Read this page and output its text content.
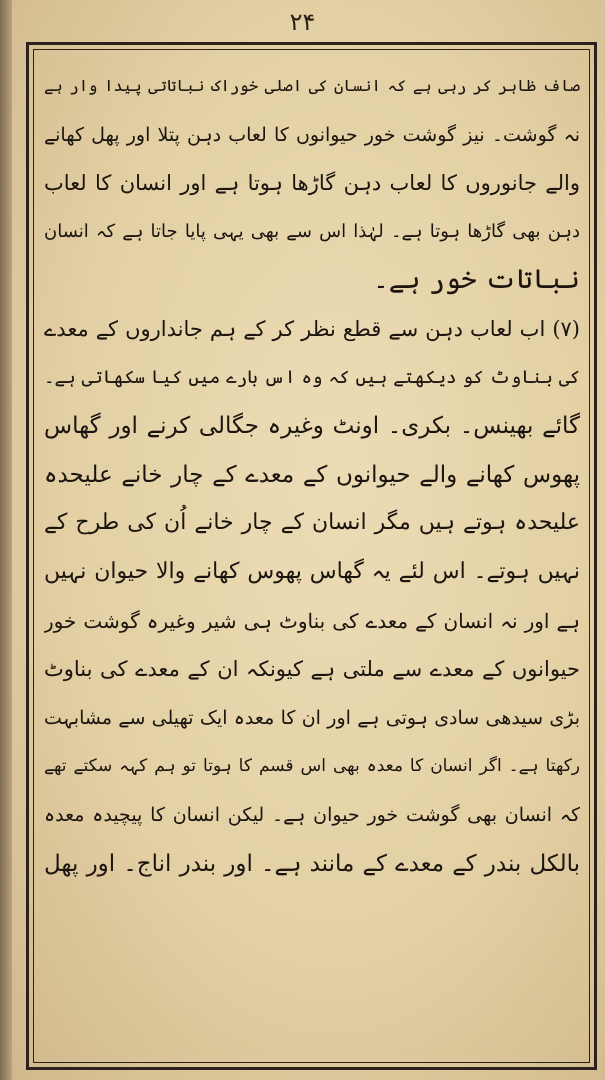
۲۴
صاف ظاہر کر رہی ہے کہ انسان کی اصلی خوراک نباتاتی پیدا وار ہے
نہ گوشت۔ نیز گوشت خور حیوانوں کا لعاب دہن پتلا اور پھل کھانے
والے جانوروں کا لعاب دہن گاڑھا ہوتا ہے اور انسان کا لعاب
دہن بھی گاڑھا ہوتا ہے۔ لہٰذا اس سے بھی یہی پایا جاتا ہے کہ انسان
نباتات خور ہے۔
(۷) اب لعاب دہن سے قطع نظر کر کے ہم جانداروں کے معدے
کی بناوٹ کو دیکھتے ہیں کہ وہ اس بارے میں کیا سکھاتی ہے۔
گائے بھینس۔ بکری۔ اونٹ وغیرہ جگالی کرنے اور گھاس
پھوس کھانے والے حیوانوں کے معدے کے چار خانے علیحدہ
علیحدہ ہوتے ہیں مگر انسان کے چار خانے اُن کی طرح کے
نہیں ہوتے۔ اس لئے یہ گھاس پھوس کھانے والا حیوان نہیں
ہے اور نہ انسان کے معدے کی بناوٹ ہی شیر وغیرہ گوشت خور
حیوانوں کے معدے سے ملتی ہے کیونکہ ان کے معدے کی بناوٹ
بڑی سیدھی سادی ہوتی ہے اور ان کا معدہ ایک تھیلی سے مشابہت
رکھتا ہے۔ اگر انسان کا معدہ بھی اس قسم کا ہوتا تو ہم کہہ سکتے تھے
کہ انسان بھی گوشت خور حیوان ہے۔ لیکن انسان کا پیچیدہ معدہ
بالکل بندر کے معدے کے مانند ہے۔ اور بندر اناج۔ اور پھل
